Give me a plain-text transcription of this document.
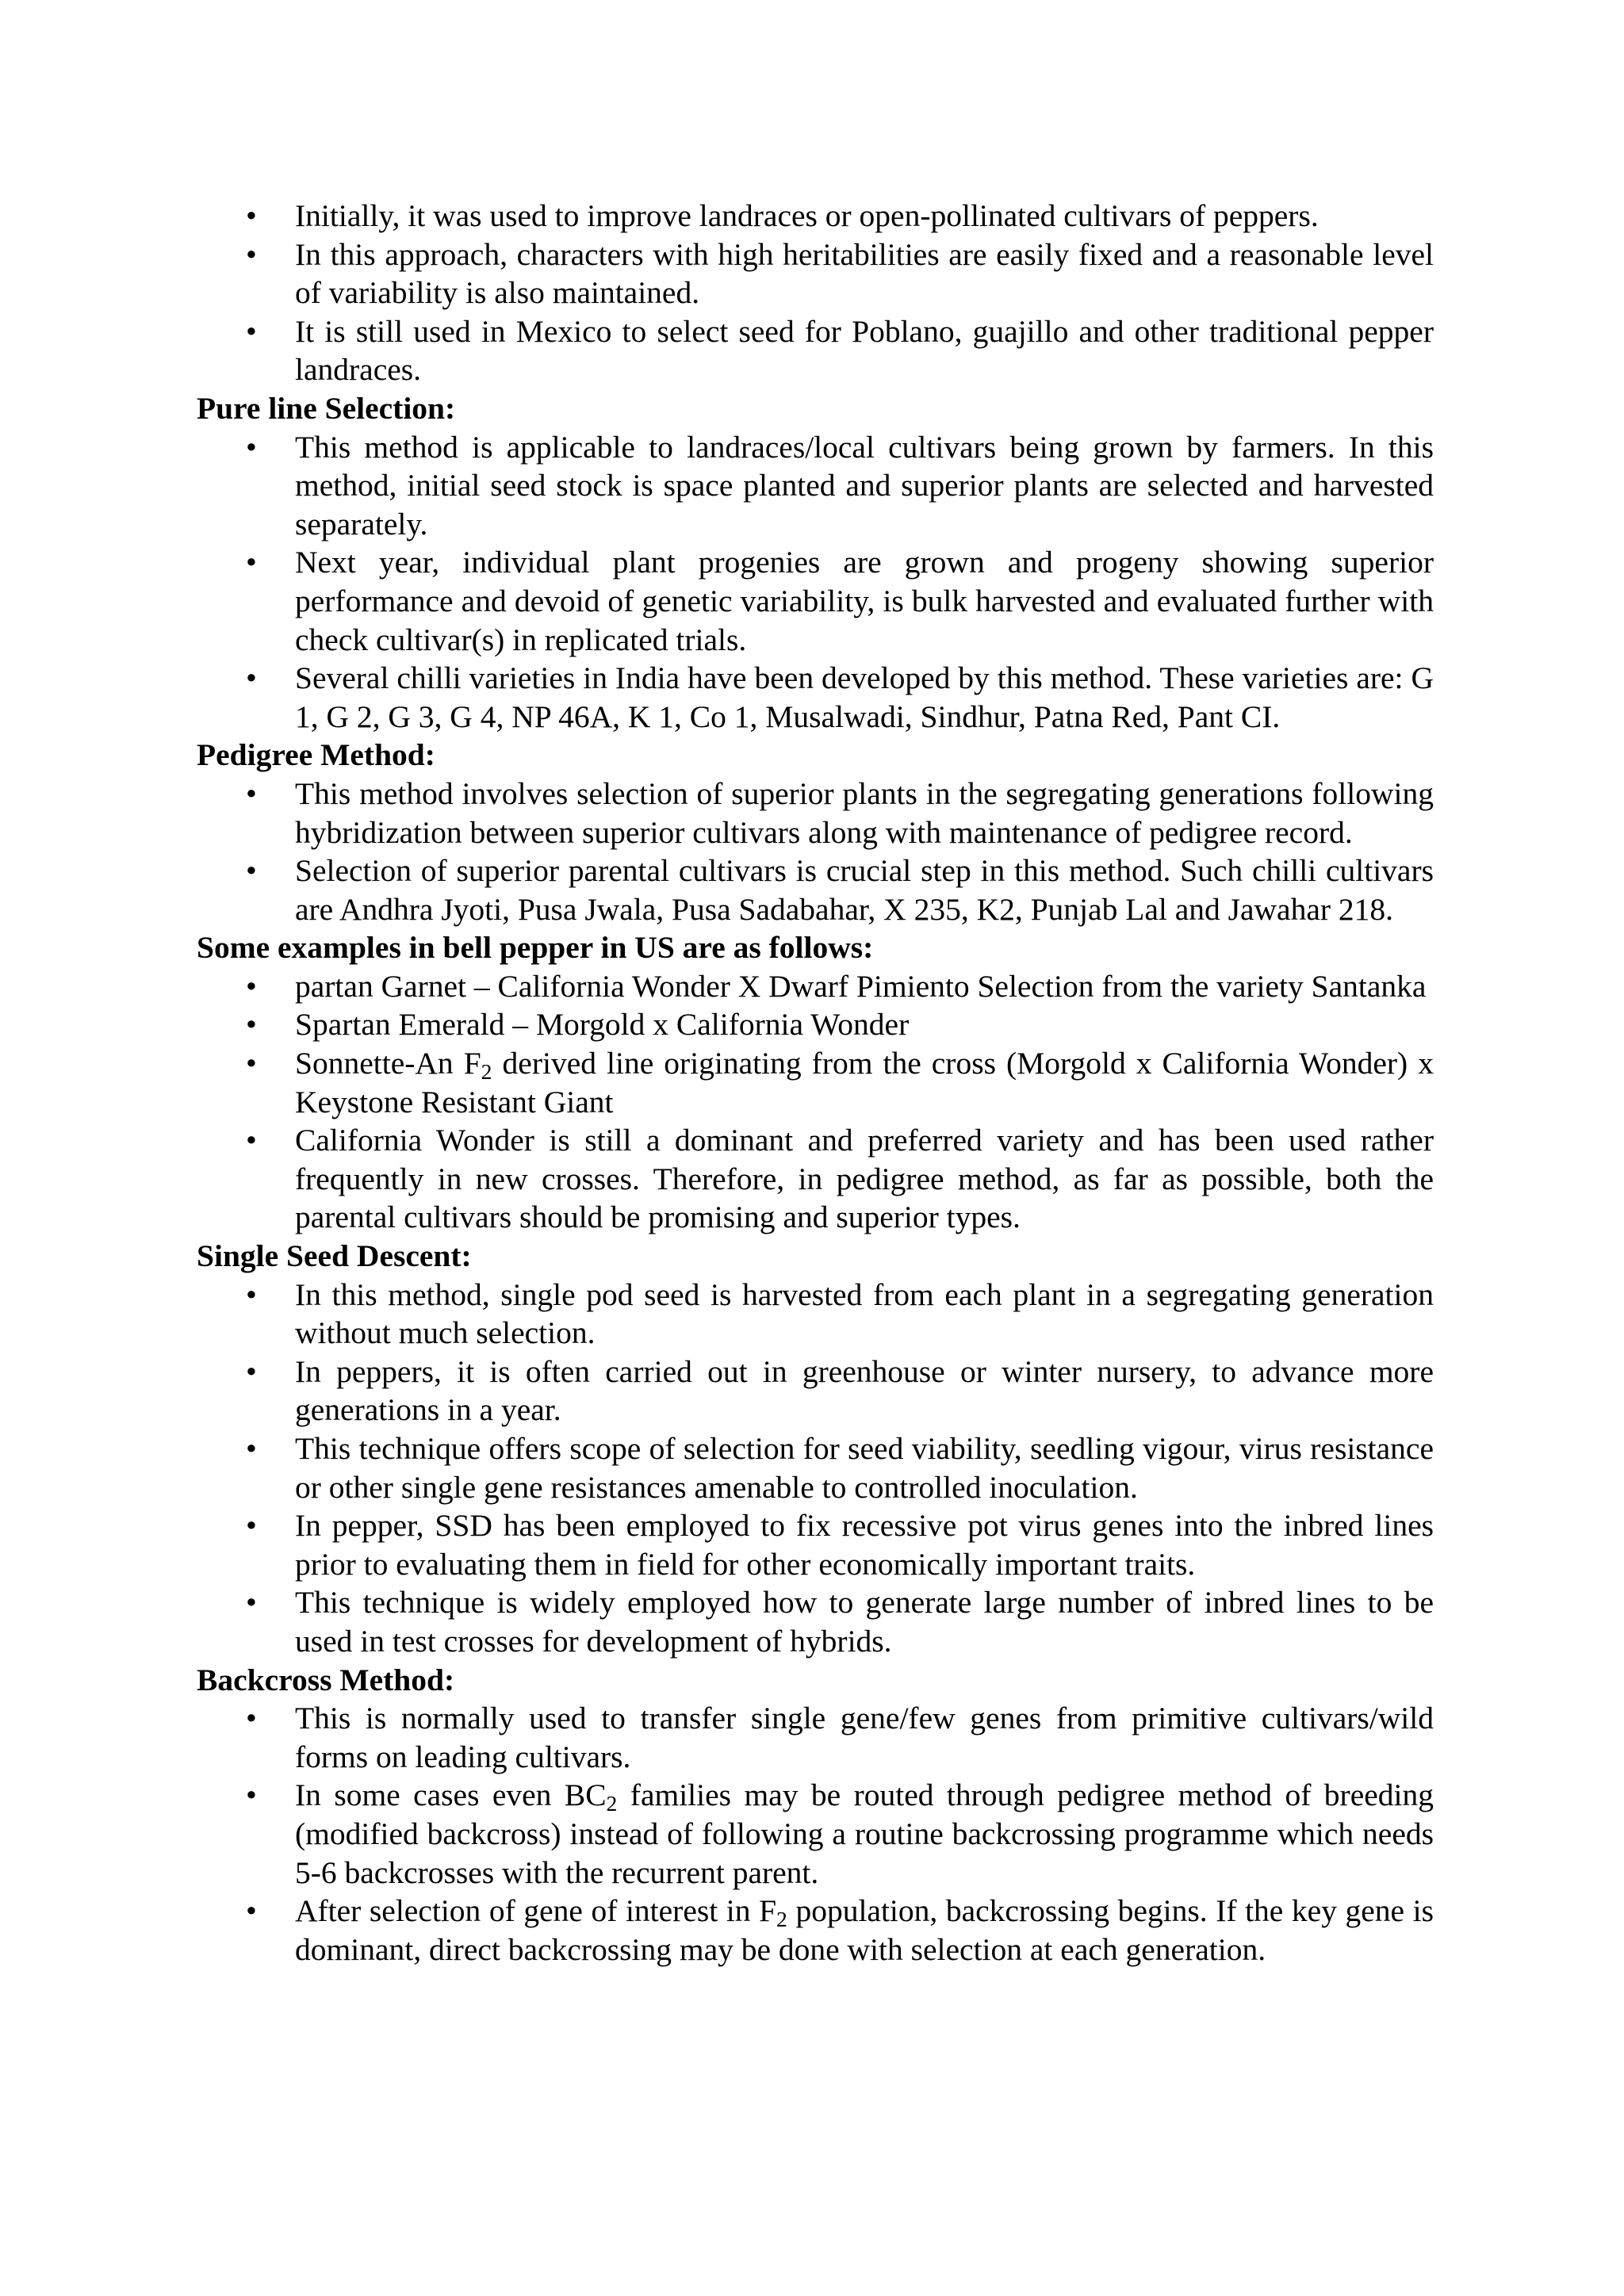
• Initially, it was used to improve landraces or open-pollinated cultivars of peppers.
• In this approach, characters with high heritabilities are easily fixed and a reasonable level of variability is also maintained.
• It is still used in Mexico to select seed for Poblano, guajillo and other traditional pepper landraces.

Pure line Selection:

• This method is applicable to landraces/local cultivars being grown by farmers. In this method, initial seed stock is space planted and superior plants are selected and harvested separately.
• Next year, individual plant progenies are grown and progeny showing superior performance and devoid of genetic variability, is bulk harvested and evaluated further with check cultivar(s) in replicated trials.
• Several chilli varieties in India have been developed by this method. These varieties are: G 1, G 2, G 3, G 4, NP 46A, K 1, Co 1, Musalwadi, Sindhur, Patna Red, Pant CI.

Pedigree Method:

• This method involves selection of superior plants in the segregating generations following hybridization between superior cultivars along with maintenance of pedigree record.
• Selection of superior parental cultivars is crucial step in this method. Such chilli cultivars are Andhra Jyoti, Pusa Jwala, Pusa Sadabahar, X 235, K2, Punjab Lal and Jawahar 218.

Some examples in bell pepper in US are as follows:

• partan Garnet – California Wonder X Dwarf Pimiento Selection from the variety Santanka
• Spartan Emerald – Morgold x California Wonder
• Sonnette-An $F_2$ derived line originating from the cross (Morgold x California Wonder) x Keystone Resistant Giant
• California Wonder is still a dominant and preferred variety and has been used rather frequently in new crosses. Therefore, in pedigree method, as far as possible, both the parental cultivars should be promising and superior types.

Single Seed Descent:

• In this method, single pod seed is harvested from each plant in a segregating generation without much selection.
• In peppers, it is often carried out in greenhouse or winter nursery, to advance more generations in a year.
• This technique offers scope of selection for seed viability, seedling vigour, virus resistance or other single gene resistances amenable to controlled inoculation.
• In pepper, SSD has been employed to fix recessive pot virus genes into the inbred lines prior to evaluating them in field for other economically important traits.
• This technique is widely employed how to generate large number of inbred lines to be used in test crosses for development of hybrids.

Backcross Method:

• This is normally used to transfer single gene/few genes from primitive cultivars/wild forms on leading cultivars.
• In some cases even $BC_2$ families may be routed through pedigree method of breeding (modified backcross) instead of following a routine backcrossing programme which needs 5-6 backcrosses with the recurrent parent.
• After selection of gene of interest in $F_2$ population, backcrossing begins. If the key gene is dominant, direct backcrossing may be done with selection at each generation.
